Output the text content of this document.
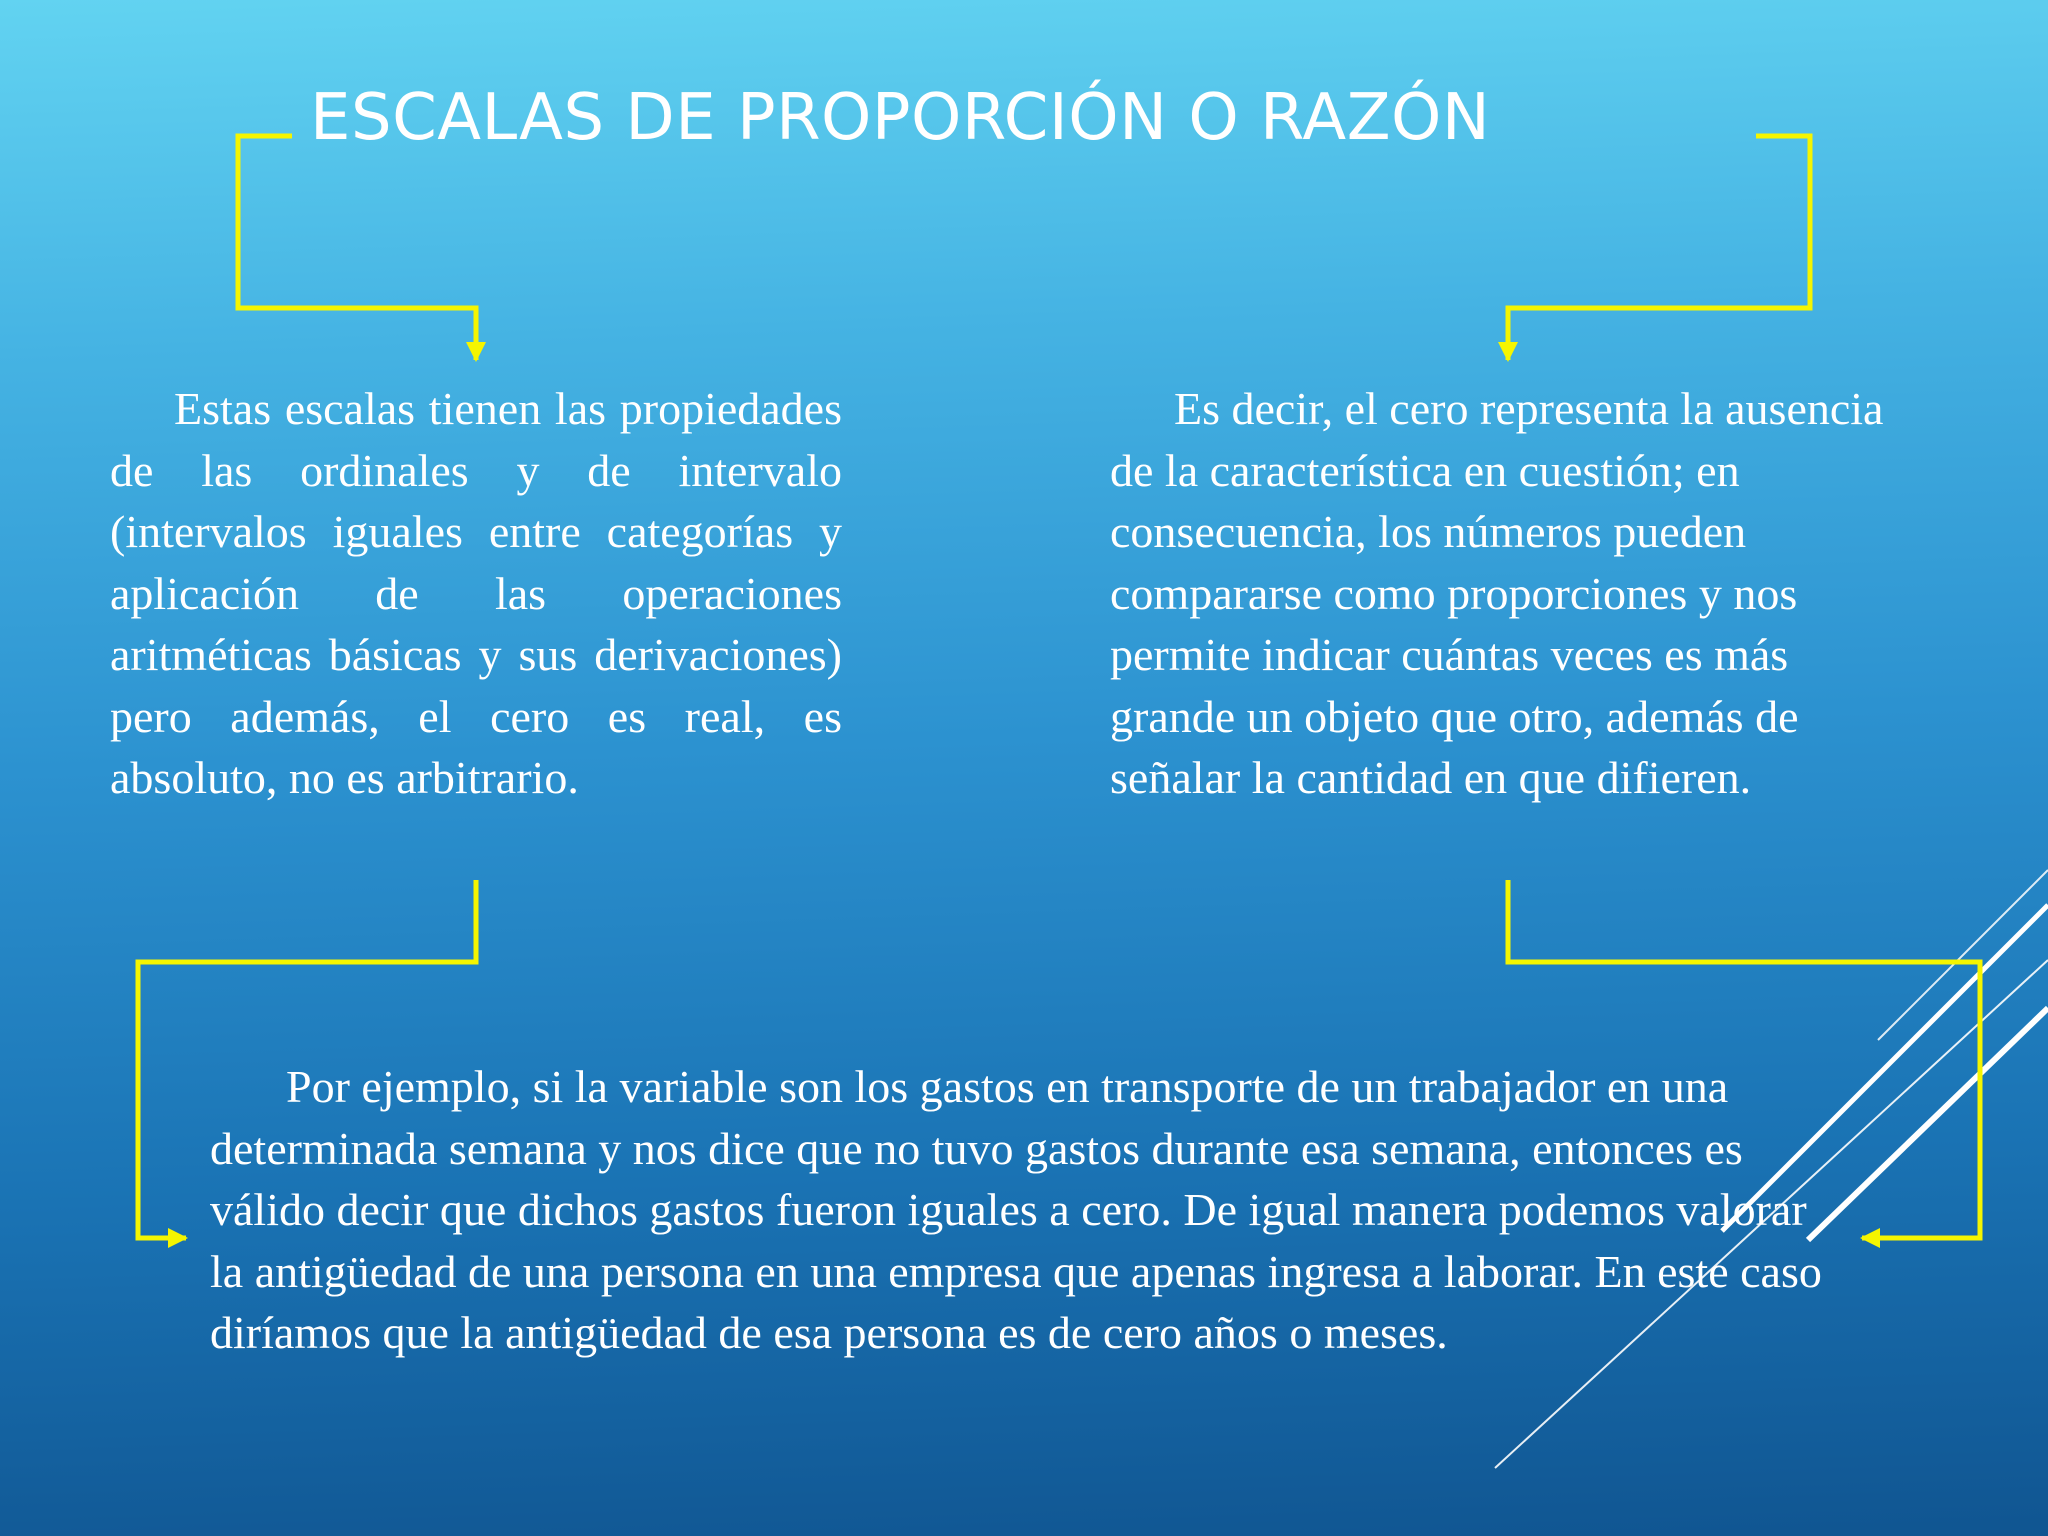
ESCALAS DE PROPORCIÓN O RAZÓN

Estas escalas tienen las propiedades de las ordinales y de intervalo (intervalos iguales entre categorías y aplicación de las operaciones aritméticas básicas y sus derivaciones) pero además, el cero es real, es absoluto, no es arbitrario.

Es decir, el cero representa la ausencia de la característica en cuestión; en consecuencia, los números pueden compararse como proporciones y nos permite indicar cuántas veces es más grande un objeto que otro, además de señalar la cantidad en que difieren.

Por ejemplo, si la variable son los gastos en transporte de un trabajador en una determinada semana y nos dice que no tuvo gastos durante esa semana, entonces es válido decir que dichos gastos fueron iguales a cero. De igual manera podemos valorar la antigüedad de una persona en una empresa que apenas ingresa a laborar. En este caso diríamos que la antigüedad de esa persona es de cero años o meses.
